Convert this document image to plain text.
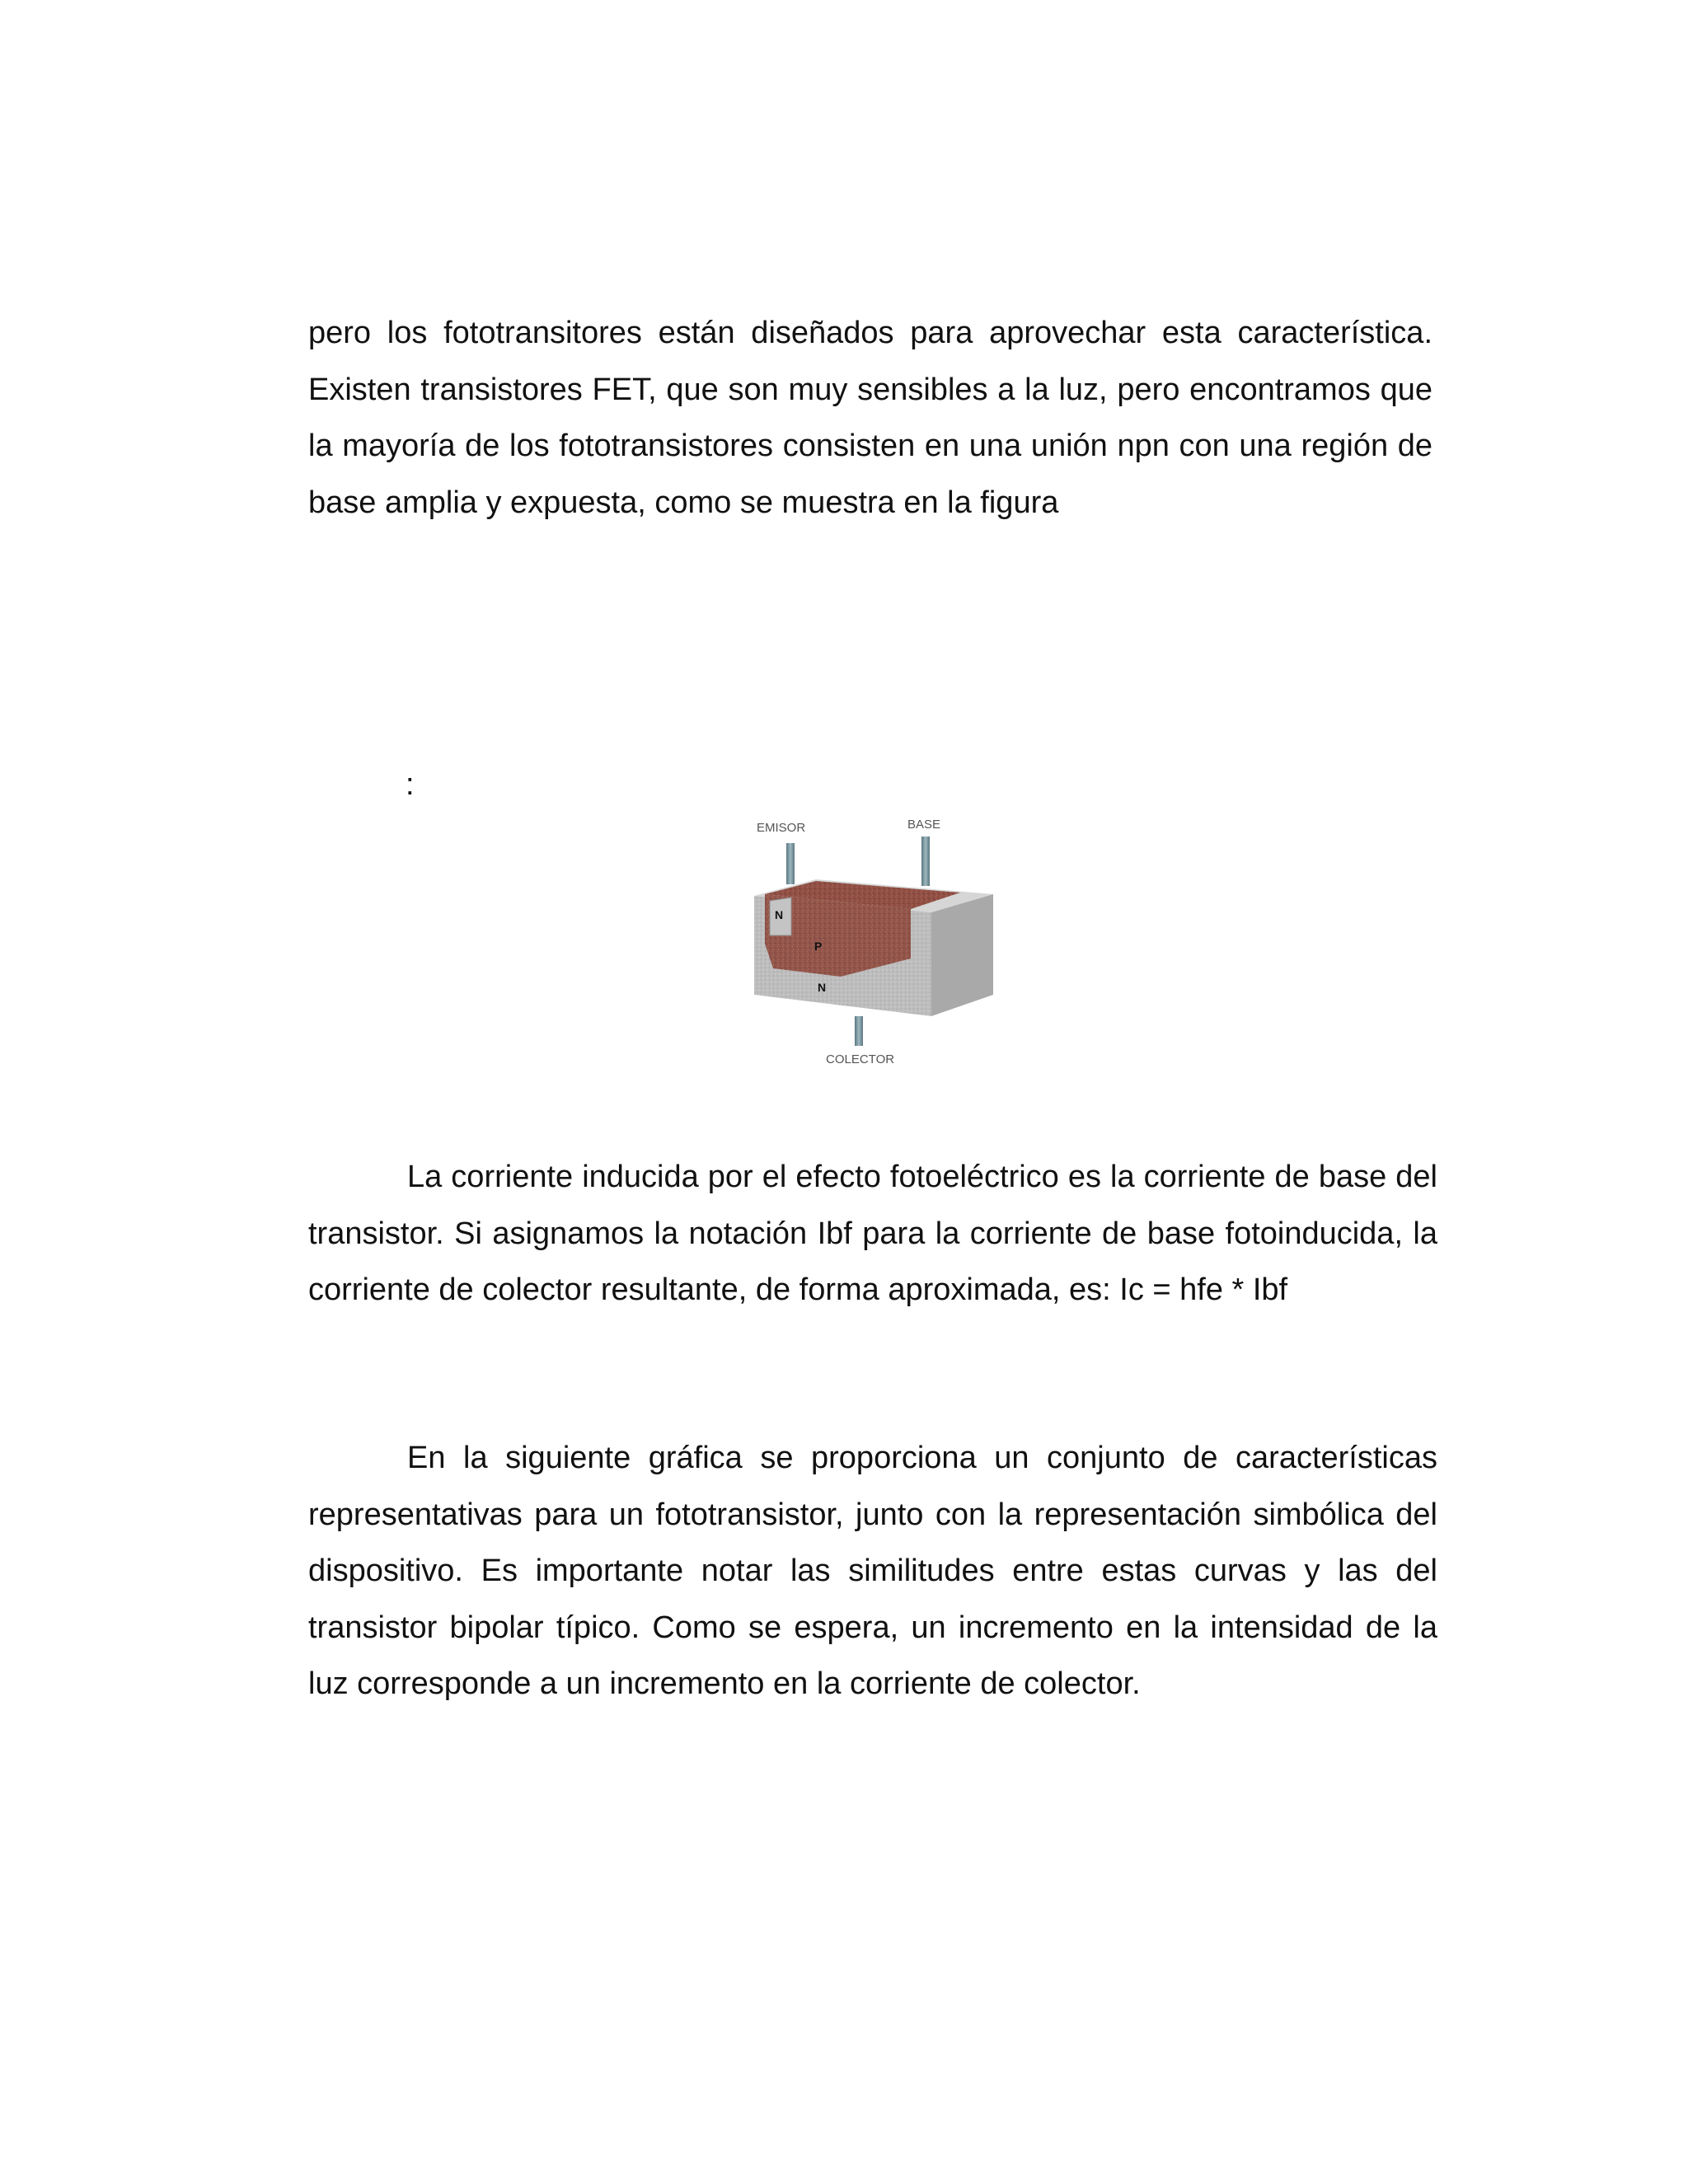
pero los fototransitores están diseñados para aprovechar esta característica. Existen transistores FET, que son muy sensibles a la luz, pero encontramos que la mayoría de los fototransistores consisten en una unión npn con una región de base amplia y expuesta, como se muestra en la figura

:
EMISOR	BASE
COLECTOR
N
P
N

La corriente inducida por el efecto fotoeléctrico es la corriente de base del transistor. Si asignamos la notación Ibf para la corriente de base fotoinducida, la corriente de colector resultante, de forma aproximada, es: Ic = hfe * Ibf

En la siguiente gráfica se proporciona un conjunto de características representativas para un fototransistor, junto con la representación simbólica del dispositivo. Es importante notar las similitudes entre estas curvas y las del transistor bipolar típico. Como se espera, un incremento en la intensidad de la luz corresponde a un incremento en la corriente de colector.
